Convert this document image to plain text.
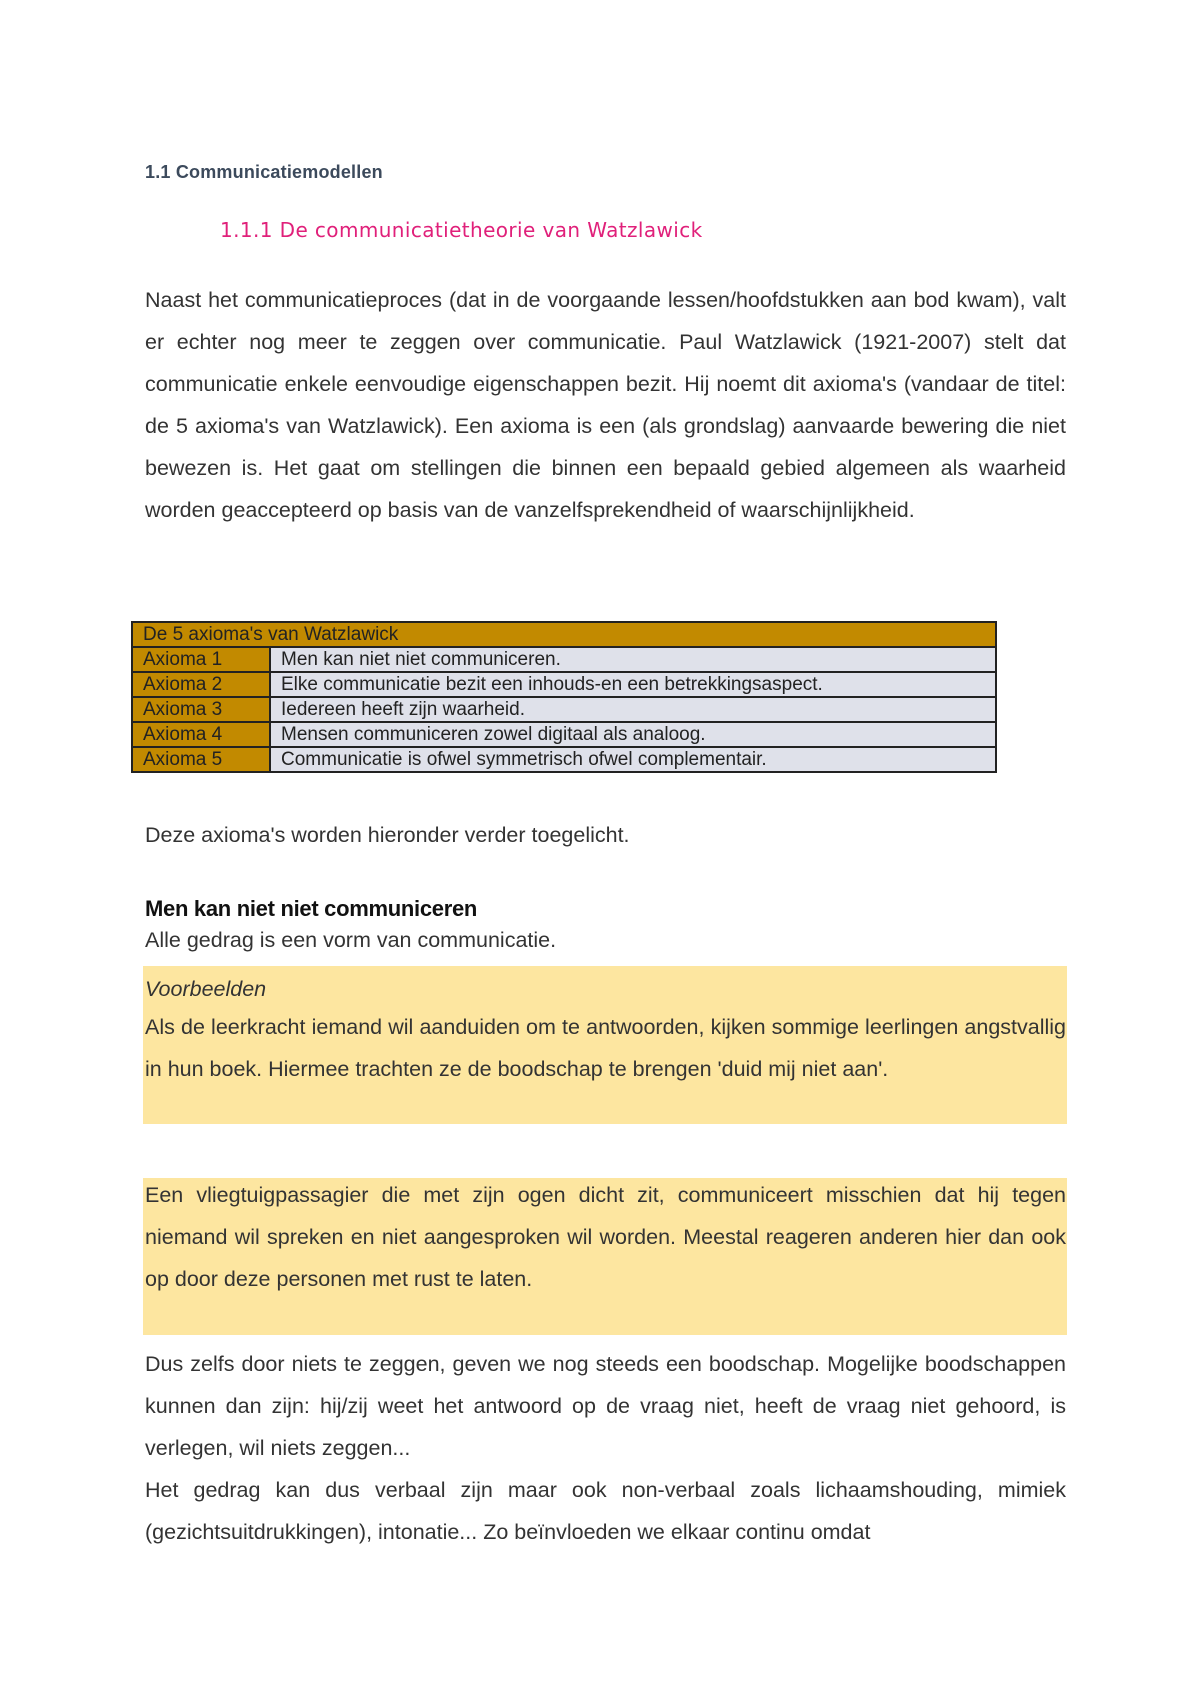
1.1 Communicatiemodellen
1.1.1 De communicatietheorie van Watzlawick

Naast het communicatieproces (dat in de voorgaande lessen/hoofdstukken aan bod kwam), valt er echter nog meer te zeggen over communicatie. Paul Watzlawick (1921-2007) stelt dat communicatie enkele eenvoudige eigenschappen bezit. Hij noemt dit axioma's (vandaar de titel: de 5 axioma's van Watzlawick). Een axioma is een (als grondslag) aanvaarde bewering die niet bewezen is. Het gaat om stellingen die binnen een bepaald gebied algemeen als waarheid worden geaccepteerd op basis van de vanzelfsprekendheid of waarschijnlijkheid.

De 5 axioma's van Watzlawick	
Axioma 1	Men kan niet niet communiceren.
Axioma 2	Elke communicatie bezit een inhouds-en een betrekkingsaspect.
Axioma 3	Iedereen heeft zijn waarheid.
Axioma 4	Mensen communiceren zowel digitaal als analoog.
Axioma 5	Communicatie is ofwel symmetrisch ofwel complementair.
Deze axioma's worden hieronder verder toegelicht.
Men kan niet niet communiceren
Alle gedrag is een vorm van communicatie.
Voorbeelden

Als de leerkracht iemand wil aanduiden om te antwoorden, kijken sommige leerlingen angstvallig in hun boek. Hiermee trachten ze de boodschap te brengen 'duid mij niet aan'.

Een vliegtuigpassagier die met zijn ogen dicht zit, communiceert misschien dat hij tegen niemand wil spreken en niet aangesproken wil worden. Meestal reageren anderen hier dan ook op door deze personen met rust te laten.

Dus zelfs door niets te zeggen, geven we nog steeds een boodschap. Mogelijke boodschappen kunnen dan zijn: hij/zij weet het antwoord op de vraag niet, heeft de vraag niet gehoord, is verlegen, wil niets zeggen...

Het gedrag kan dus verbaal zijn maar ook non-verbaal zoals lichaamshouding, mimiek (gezichtsuitdrukkingen), intonatie... Zo beïnvloeden we elkaar continu omdat
